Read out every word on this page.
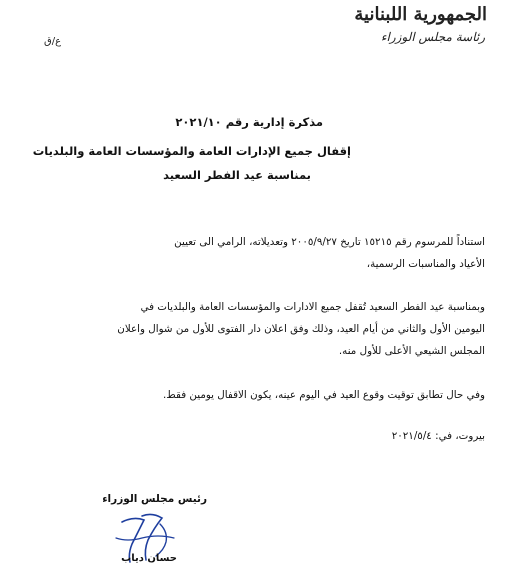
الجمهورية اللبنانية
رئاسة مجلس الوزراء
ع/ق
مذكرة إدارية رقم ٢٠٢١/١٠
إقفال جميع الإدارات العامة والمؤسسات العامة والبلديات
بمناسبة عيد الفطر السعيد
استناداً للمرسوم رقم ١٥٢١٥ تاريخ ٢٠٠٥/٩/٢٧ وتعديلاته، الرامي الى تعيين
الأعياد والمناسبات الرسمية،
وبمناسبة عيد الفطر السعيد تُقفل جميع الادارات والمؤسسات العامة والبلديات في
اليومين الأول والثاني من أيام العيد، وذلك وفق اعلان دار الفتوى للأول من شوال واعلان
المجلس الشيعي الأعلى للأول منه.
وفي حال تطابق توقيت وقوع العيد في اليوم عينه، يكون الاقفال يومين فقط.
بيروت، في: ٢٠٢١/٥/٤
رئيس مجلس الوزراء
حسان دياب
